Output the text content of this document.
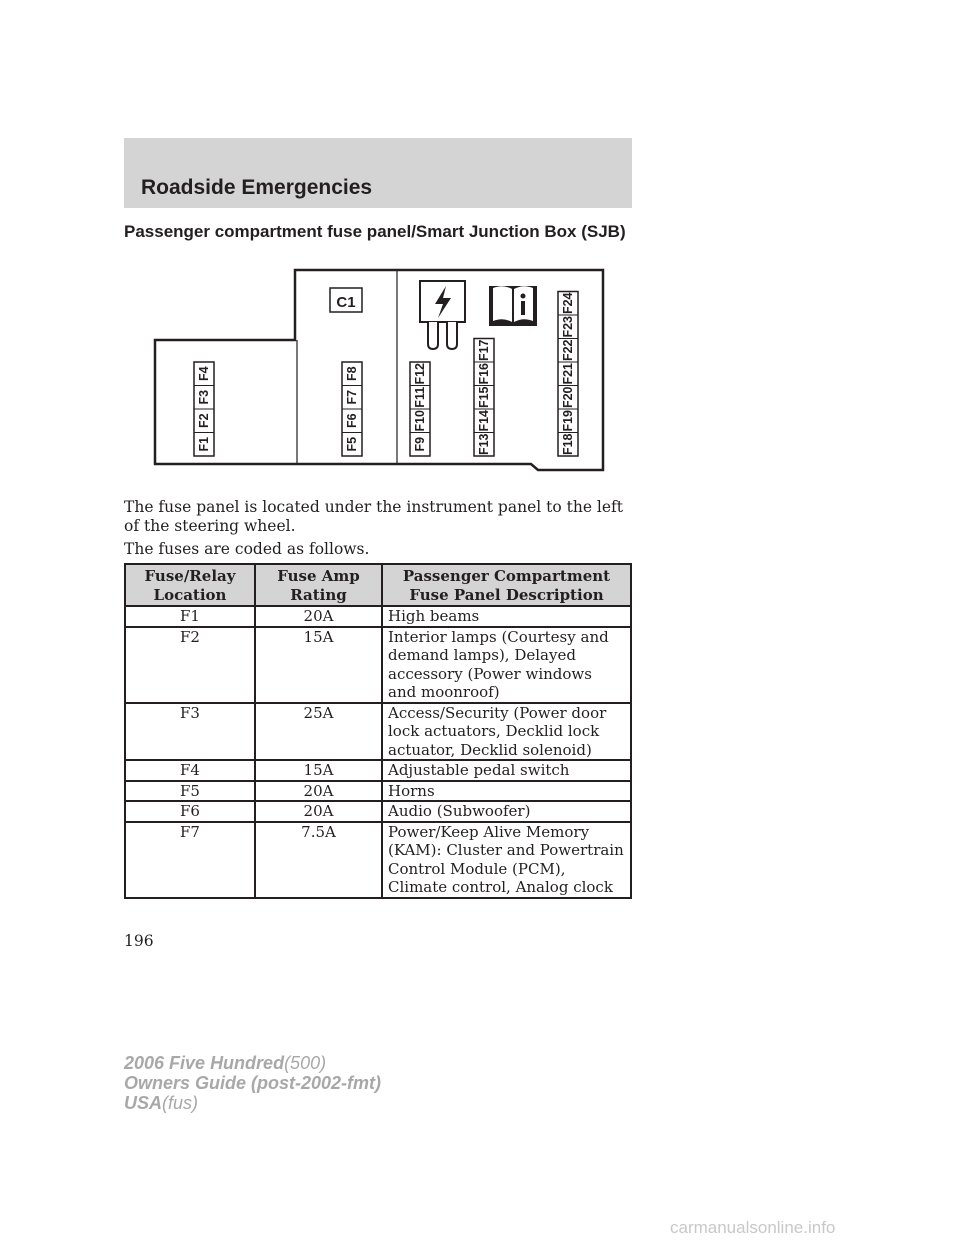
Roadside Emergencies
Passenger compartment fuse panel/Smart Junction Box (SJB)
C1
F1
F2
F3
F4
F5
F6
F7
F8
F9
F10
F11
F12
F13
F14
F15
F16
F17
F18
F19
F20
F21
F22
F23
F24
The fuse panel is located under the instrument panel to the left of the steering wheel.
The fuses are coded as follows.
Fuse/Relay Location	Fuse Amp Rating	Passenger Compartment Fuse Panel Description
F1	20A	High beams
F2	15A	Interior lamps (Courtesy and demand lamps), Delayed accessory (Power windows and moonroof)
F3	25A	Access/Security (Power door lock actuators, Decklid lock actuator, Decklid solenoid)
F4	15A	Adjustable pedal switch
F5	20A	Horns
F6	20A	Audio (Subwoofer)
F7	7.5A	Power/Keep Alive Memory (KAM): Cluster and Powertrain Control Module (PCM), Climate control, Analog clock
196
2006 Five Hundred(500)
Owners Guide (post-2002-fmt)
USA(fus)
carmanualsonline.info
